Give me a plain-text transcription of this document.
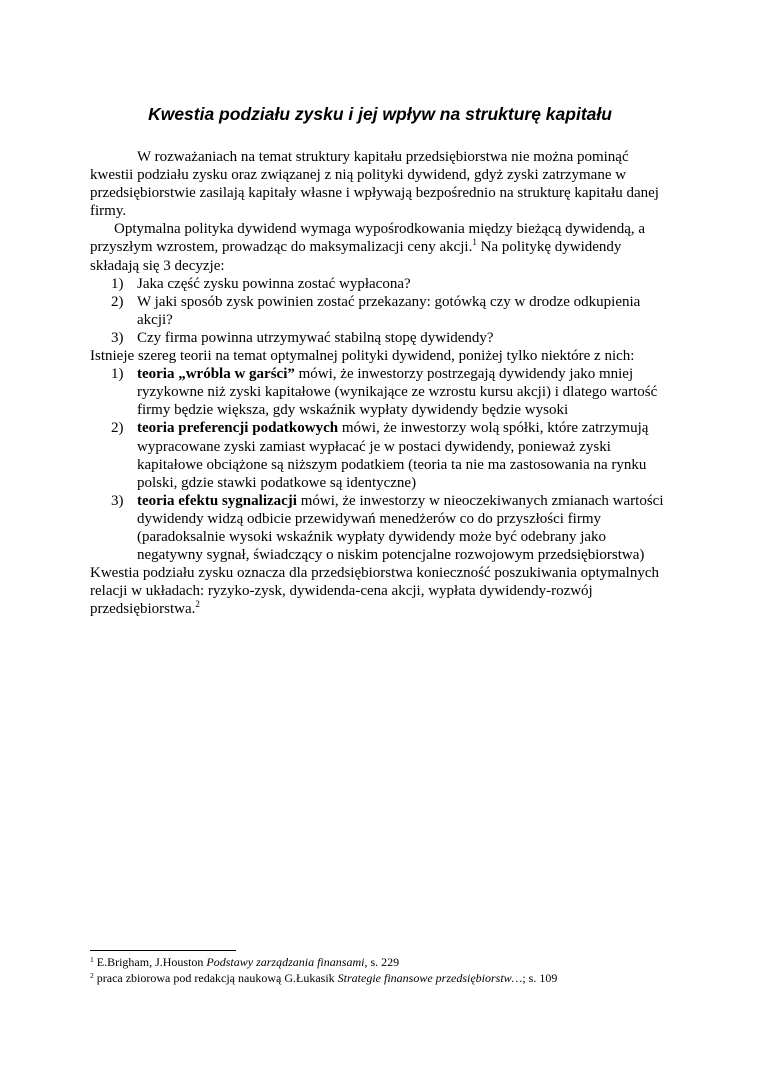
Kwestia podziału zysku i jej wpływ na strukturę kapitału

W rozważaniach na temat struktury kapitału przedsiębiorstwa nie można pominąć kwestii podziału zysku oraz związanej z nią polityki dywidend, gdyż zyski zatrzymane w przedsiębiorstwie zasilają kapitały własne i wpływają bezpośrednio na strukturę kapitału danej firmy.

Optymalna polityka dywidend wymaga wypośrodkowania między bieżącą dywidendą, a przyszłym wzrostem, prowadząc do maksymalizacji ceny akcji.$^1$ Na politykę dywidendy składają się 3 decyzje:

1) Jaka część zysku powinna zostać wypłacona?
2) W jaki sposób zysk powinien zostać przekazany: gotówką czy w drodze odkupienia akcji?
3) Czy firma powinna utrzymywać stabilną stopę dywidendy?

Istnieje szereg teorii na temat optymalnej polityki dywidend, poniżej tylko niektóre z nich:

1) teoria „wróbla w garści” mówi, że inwestorzy postrzegają dywidendy jako mniej ryzykowne niż zyski kapitałowe (wynikające ze wzrostu kursu akcji) i dlatego wartość firmy będzie większa, gdy wskaźnik wypłaty dywidendy będzie wysoki
2) teoria preferencji podatkowych mówi, że inwestorzy wolą spółki, które zatrzymują wypracowane zyski zamiast wypłacać je w postaci dywidendy, ponieważ zyski kapitałowe obciążone są niższym podatkiem (teoria ta nie ma zastosowania na rynku polski, gdzie stawki podatkowe są identyczne)
3) teoria efektu sygnalizacji mówi, że inwestorzy w nieoczekiwanych zmianach wartości dywidendy widzą odbicie przewidywań menedżerów co do przyszłości firmy (paradoksalnie wysoki wskaźnik wypłaty dywidendy może być odebrany jako negatywny sygnał, świadczący o niskim potencjalne rozwojowym przedsiębiorstwa)

Kwestia podziału zysku oznacza dla przedsiębiorstwa konieczność poszukiwania optymalnych relacji w układach: ryzyko-zysk, dywidenda-cena akcji, wypłata dywidendy-rozwój przedsiębiorstwa.$^2$

$^1$ E.Brigham, J.Houston Podstawy zarządzania finansami, s. 229

$^2$ praca zbiorowa pod redakcją naukową G.Łukasik Strategie finansowe przedsiębiorstw…; s. 109
